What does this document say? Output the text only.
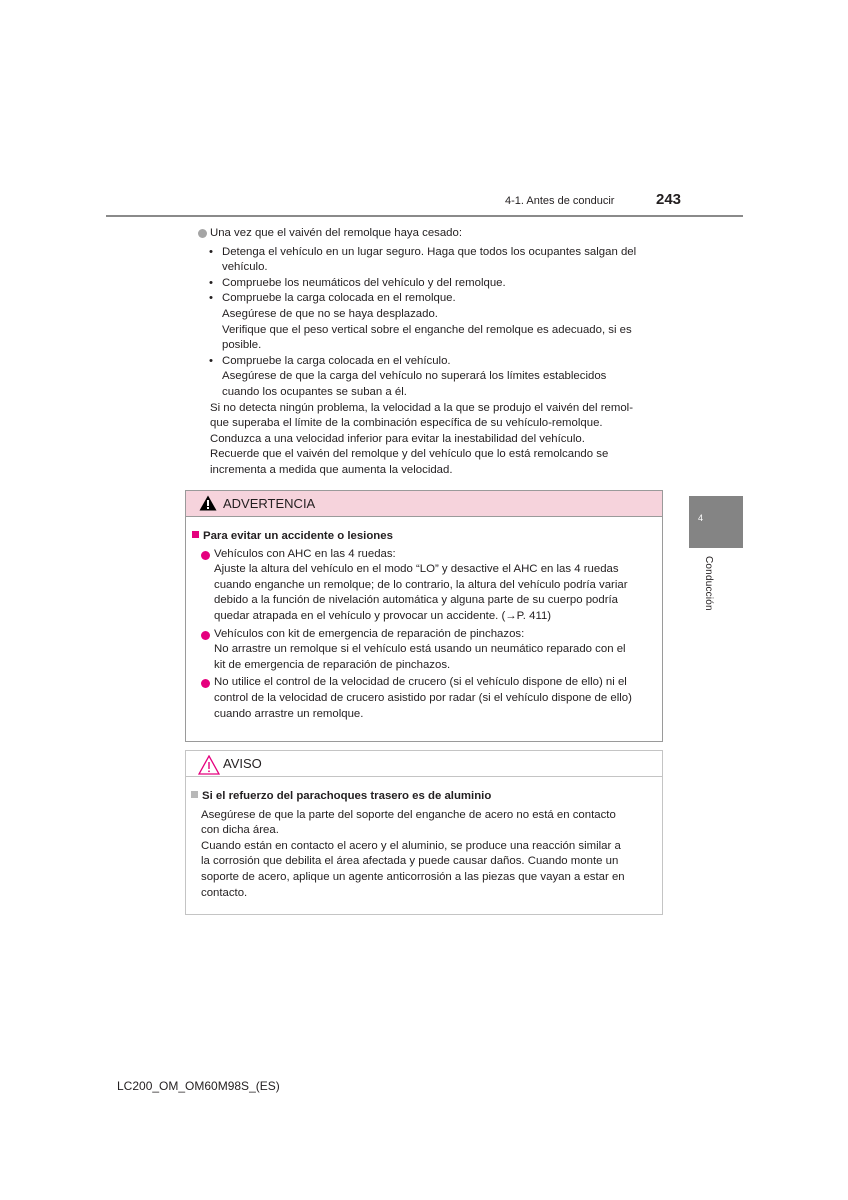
4-1. Antes de conducir	243
4
Conducción
Una vez que el vaivén del remolque haya cesado:
• Detenga el vehículo en un lugar seguro. Haga que todos los ocupantes salgan del
vehículo.
• Compruebe los neumáticos del vehículo y del remolque.
• Compruebe la carga colocada en el remolque.
Asegúrese de que no se haya desplazado.
Verifique que el peso vertical sobre el enganche del remolque es adecuado, si es
posible.
• Compruebe la carga colocada en el vehículo.
Asegúrese de que la carga del vehículo no superará los límites establecidos
cuando los ocupantes se suban a él.
Si no detecta ningún problema, la velocidad a la que se produjo el vaivén del remol-
que superaba el límite de la combinación específica de su vehículo-remolque.
Conduzca a una velocidad inferior para evitar la inestabilidad del vehículo.
Recuerde que el vaivén del remolque y del vehículo que lo está remolcando se
incrementa a medida que aumenta la velocidad.
ADVERTENCIA
Para evitar un accidente o lesiones
Vehículos con AHC en las 4 ruedas:
Ajuste la altura del vehículo en el modo “LO” y desactive el AHC en las 4 ruedas
cuando enganche un remolque; de lo contrario, la altura del vehículo podría variar
debido a la función de nivelación automática y alguna parte de su cuerpo podría
quedar atrapada en el vehículo y provocar un accidente. (→P. 411)
Vehículos con kit de emergencia de reparación de pinchazos:
No arrastre un remolque si el vehículo está usando un neumático reparado con el
kit de emergencia de reparación de pinchazos.
No utilice el control de la velocidad de crucero (si el vehículo dispone de ello) ni el
control de la velocidad de crucero asistido por radar (si el vehículo dispone de ello)
cuando arrastre un remolque.
AVISO
Si el refuerzo del parachoques trasero es de aluminio
Asegúrese de que la parte del soporte del enganche de acero no está en contacto
con dicha área.
Cuando están en contacto el acero y el aluminio, se produce una reacción similar a
la corrosión que debilita el área afectada y puede causar daños. Cuando monte un
soporte de acero, aplique un agente anticorrosión a las piezas que vayan a estar en
contacto.
LC200_OM_OM60M98S_(ES)
